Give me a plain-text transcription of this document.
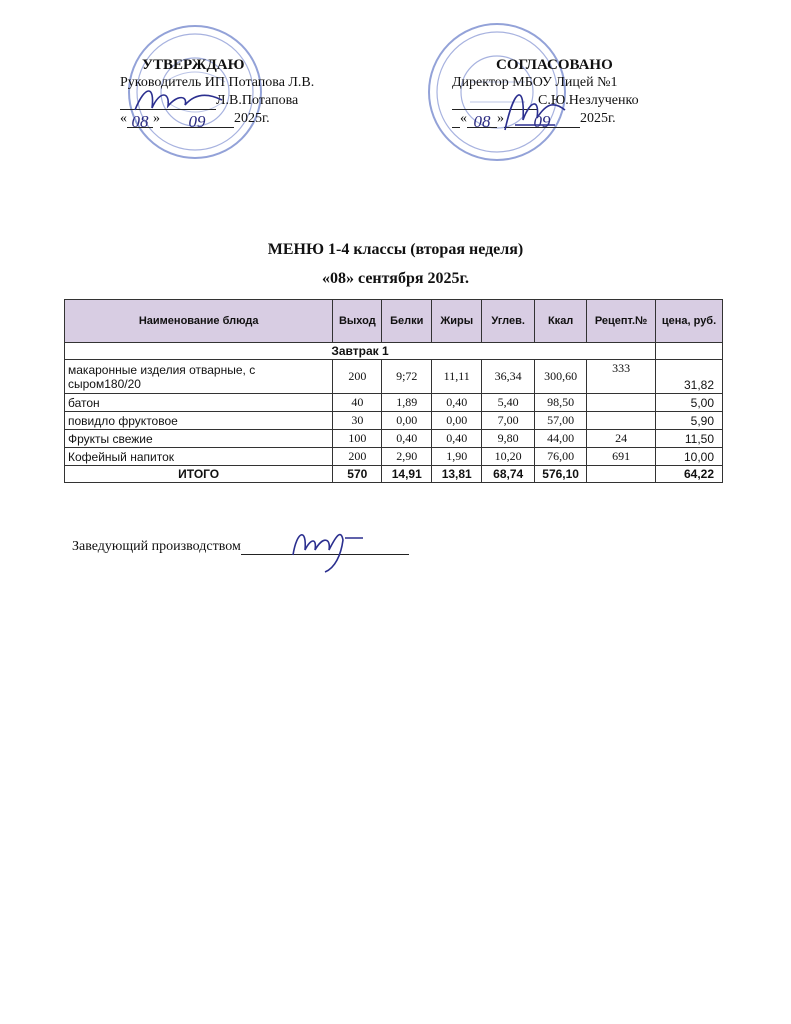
УТВЕРЖДАЮ
Руководитель ИП Потапова Л.В.
Л.В.Потапова
« 08 » 09 2025г.
СОГЛАСОВАНО
Директор МБОУ Лицей №1
С.Ю.Незлученко
« 08 » 09 2025г.
МЕНЮ 1-4 классы (вторая неделя)
«08» сентября 2025г.
Наименование блюда	Выход	Белки	Жиры	Углев.	Ккал	Рецепт.№	цена, руб.
Завтрак 1							
макаронные изделия отварные, с сыром180/20	200	9;72	11,11	36,34	300,60	333	31,82
батон	40	1,89	0,40	5,40	98,50		5,00
повидло фруктовое	30	0,00	0,00	7,00	57,00		5,90
Фрукты свежие	100	0,40	0,40	9,80	44,00	24	11,50
Кофейный напиток	200	2,90	1,90	10,20	76,00	691	10,00
ИТОГО	570	14,91	13,81	68,74	576,10		64,22
Заведующий производством
